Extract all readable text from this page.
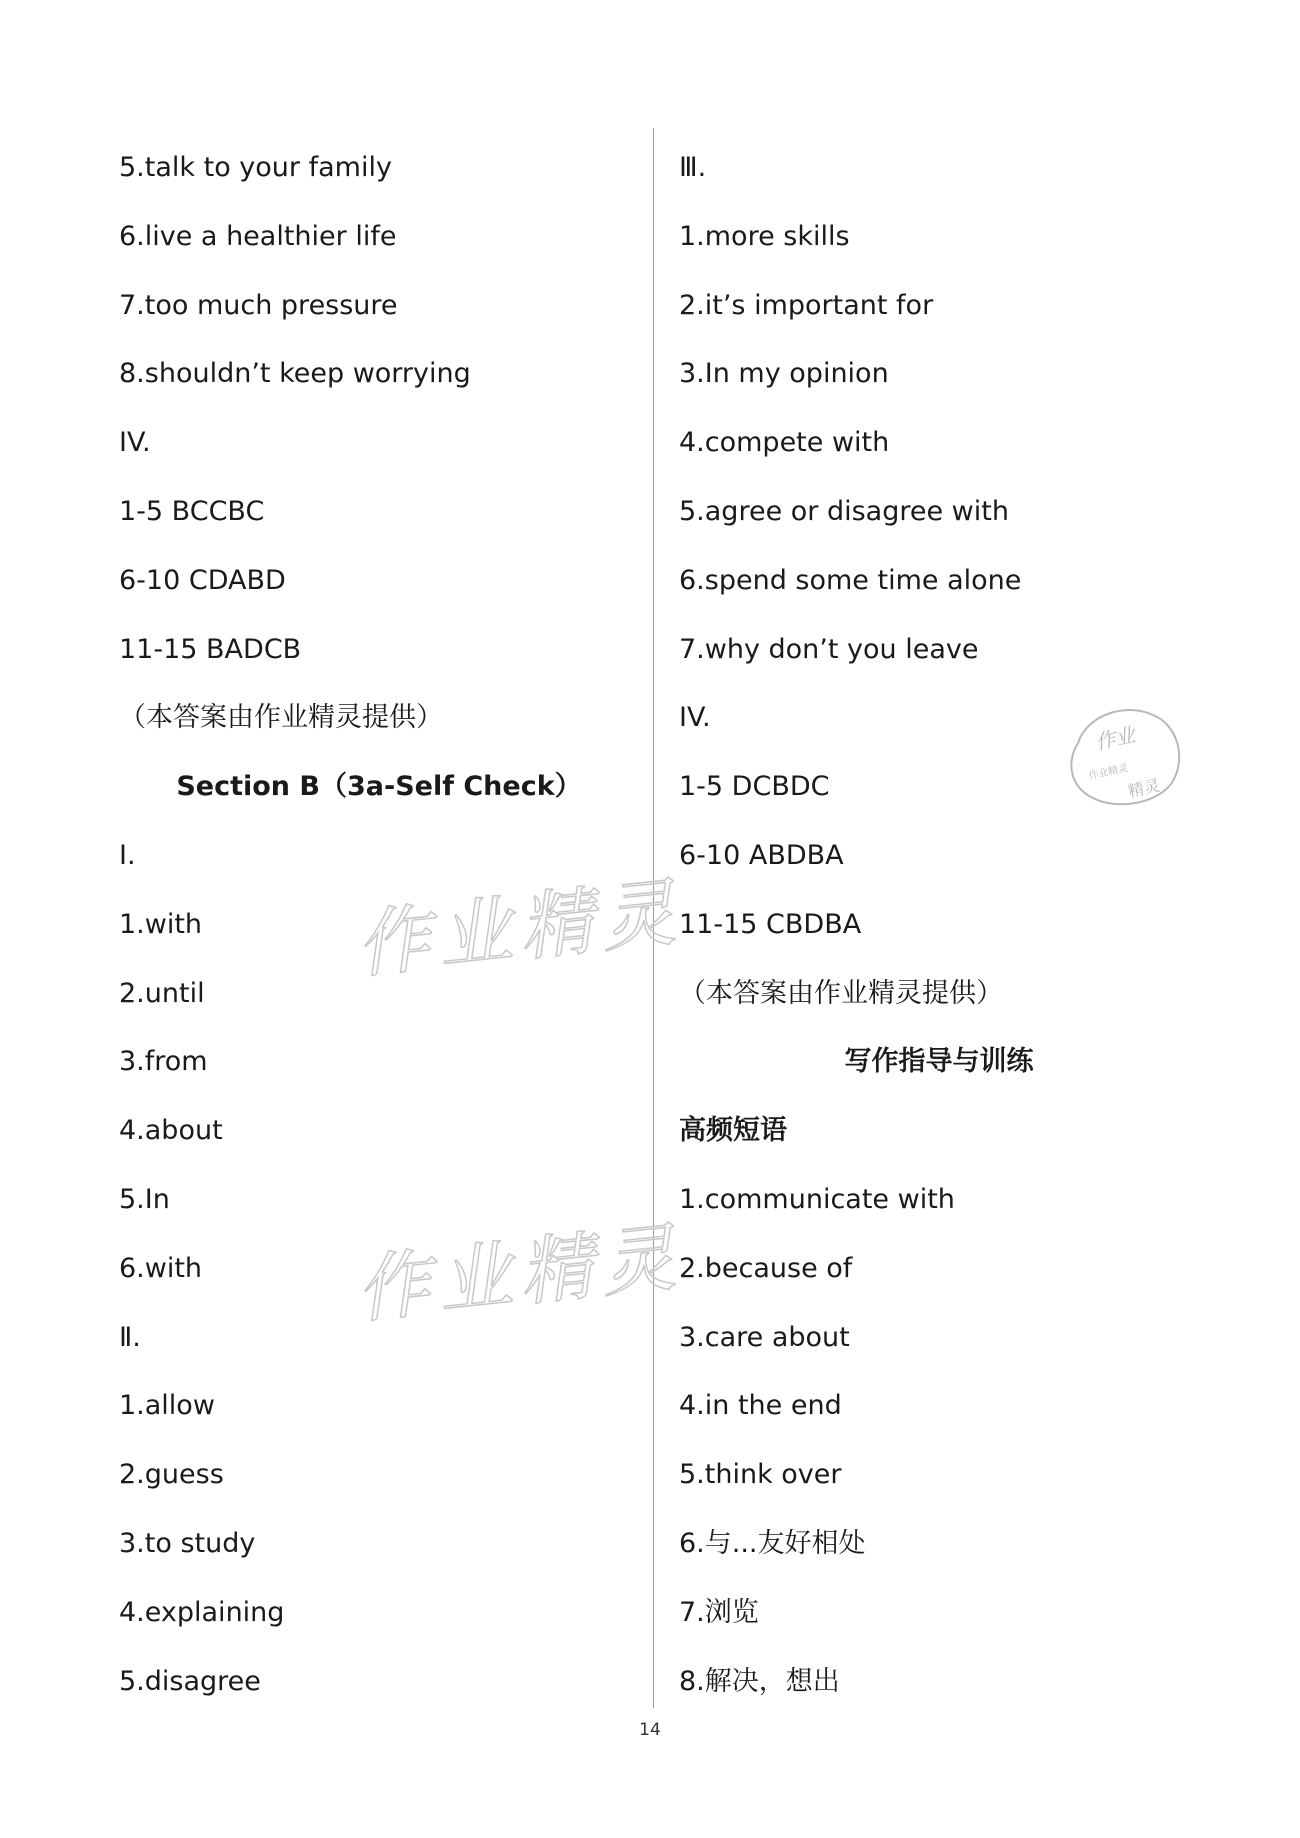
5.talk to your family
6.live a healthier life
7.too much pressure
8.shouldn’t keep worrying
IV.
1-5 BCCBC
6-10 CDABD
11-15 BADCB
（本答案由作业精灵提供）
Section B（3a-Self Check）
Ⅰ.
1.with
2.until
3.from
4.about
5.In
6.with
Ⅱ.
1.allow
2.guess
3.to study
4.explaining
5.disagree
Ⅲ.
1.more skills
2.it’s important for
3.In my opinion
4.compete with
5.agree or disagree with
6.spend some time alone
7.why don’t you leave
IV.
1-5 DCBDC
6-10 ABDBA
11-15 CBDBA
（本答案由作业精灵提供）
写作指导与训练
高频短语
1.communicate with
2.because of
3.care about
4.in the end
5.think over
6.与...友好相处
7.浏览
8.解决，想出
作业精灵
作业精灵
作业
作业精灵
精灵
14
